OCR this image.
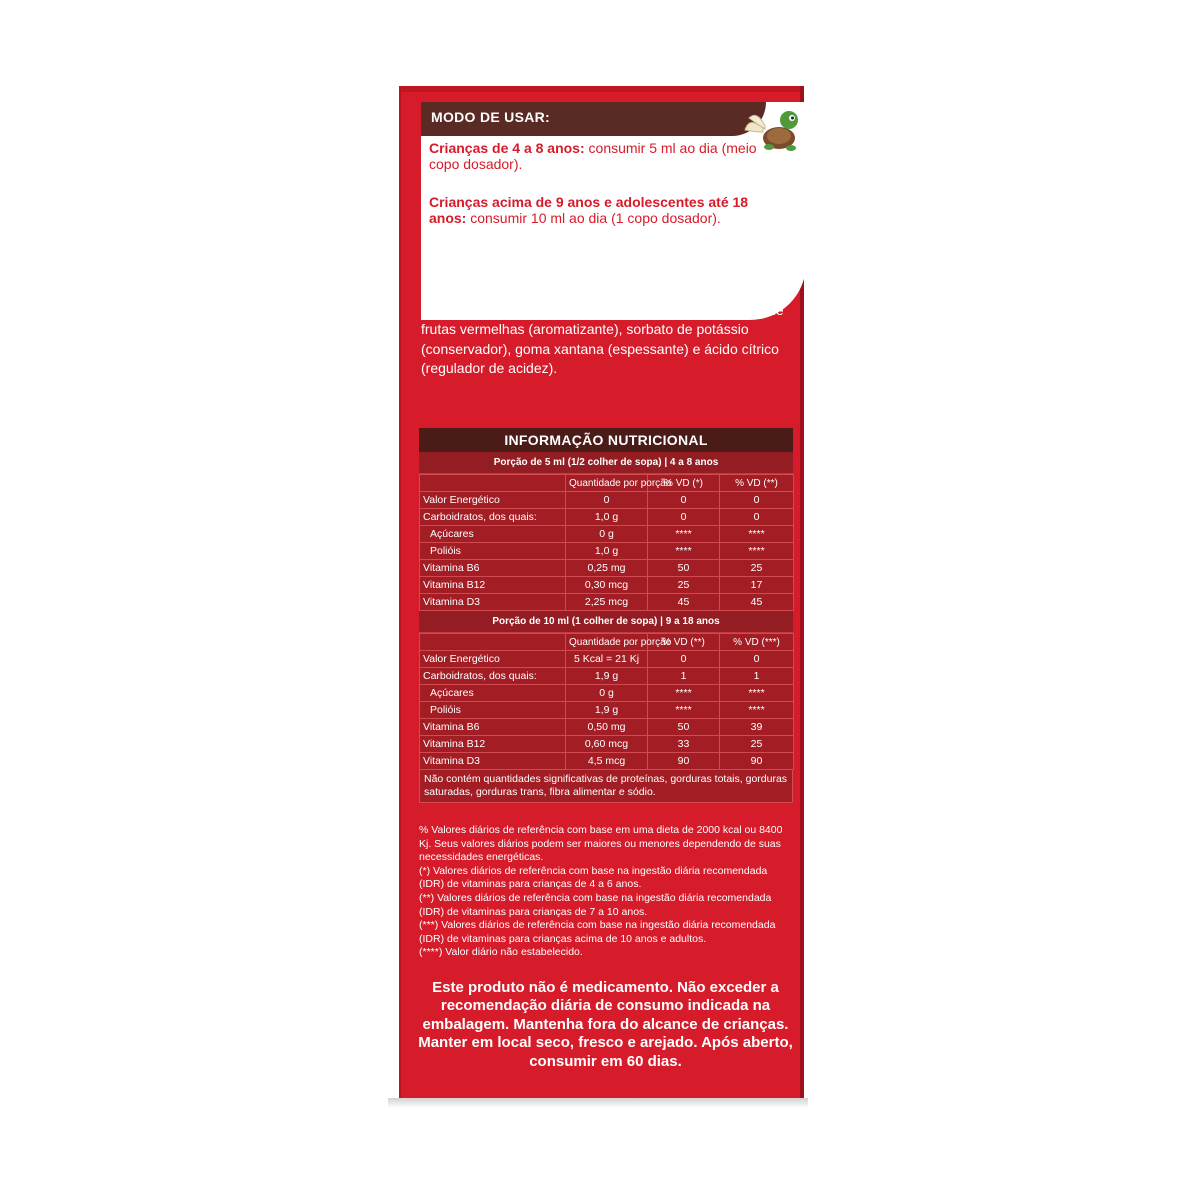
MODO DE USAR:

Crianças de 4 a 8 anos: consumir 5 ml ao dia (meio copo dosador).

Crianças acima de 9 anos e adolescentes até 18 anos: consumir 10 ml ao dia (1 copo dosador).

Ingredientes: Água, extrato de própolis, cloridrato de piridoxina (Vitamina B6), colecalciferol (Vitamina D3), cianocobalamina (Vitamina B12), sorbitol e glicerina (agentes de massa), xilitol (edulcorante), aroma natural de frutas vermelhas (aromatizante), sorbato de potássio (conservador), goma xantana (espessante) e ácido cítrico (regulador de acidez).

INFORMAÇÃO NUTRICIONAL
Porção de 5 ml (1/2 colher de sopa) | 4 a 8 anos
	Quantidade por porção	% VD (*)	% VD (**)
Valor Energético	0	0	0
Carboidratos, dos quais:	1,0 g	0	0
Açúcares	0 g	****	****
Polióis	1,0 g	****	****
Vitamina B6	0,25 mg	50	25
Vitamina B12	0,30 mcg	25	17
Vitamina D3	2,25 mcg	45	45
Porção de 10 ml (1 colher de sopa) | 9 a 18 anos
	Quantidade por porção	% VD (**)	% VD (***)
Valor Energético	5 Kcal = 21 Kj	0	0
Carboidratos, dos quais:	1,9 g	1	1
Açúcares	0 g	****	****
Polióis	1,9 g	****	****
Vitamina B6	0,50 mg	50	39
Vitamina B12	0,60 mcg	33	25
Vitamina D3	4,5 mcg	90	90
Não contém quantidades significativas de proteínas, gorduras totais, gorduras saturadas, gorduras trans, fibra alimentar e sódio.
% Valores diários de referência com base em uma dieta de 2000 kcal ou 8400 Kj. Seus valores diários podem ser maiores ou menores dependendo de suas necessidades energéticas.
(*) Valores diários de referência com base na ingestão diária recomendada (IDR) de vitaminas para crianças de 4 a 6 anos.
(**) Valores diários de referência com base na ingestão diária recomendada (IDR) de vitaminas para crianças de 7 a 10 anos.
(***) Valores diários de referência com base na ingestão diária recomendada (IDR) de vitaminas para crianças acima de 10 anos e adultos.
(****) Valor diário não estabelecido.

Este produto não é medicamento. Não exceder a recomendação diária de consumo indicada na embalagem. Mantenha fora do alcance de crianças. Manter em local seco, fresco e arejado. Após aberto, consumir em 60 dias.
